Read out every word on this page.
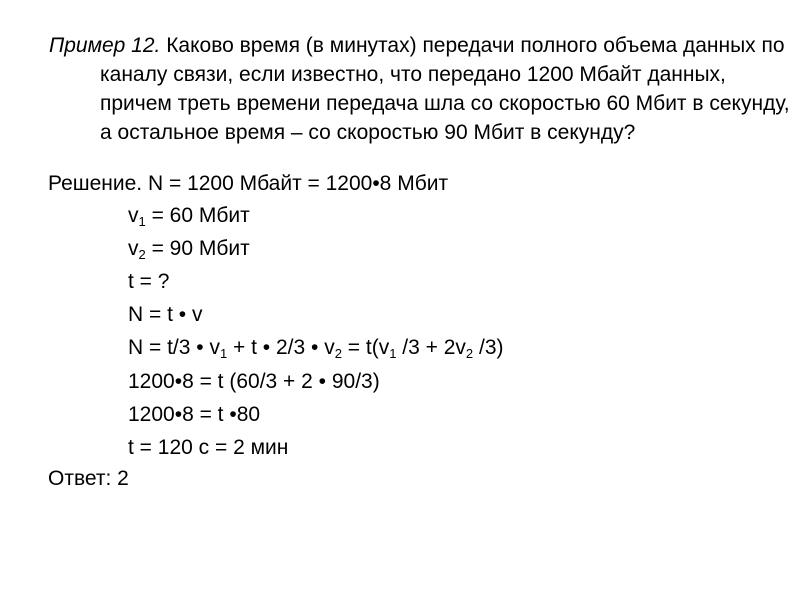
Пример 12. Каково время (в минутах) передачи полного объема данных по каналу связи, если известно, что передано 1200 Мбайт данных, причем треть времени передача шла со скоростью 60 Мбит в секунду, а остальное время – со скоростью 90 Мбит в секунду?

Решение. N = 1200 Мбайт = 1200•8 Мбит

$v_1 = 60$ Мбит

$v_2 = 90$ Мбит

t = ?

N = t • v

N = t/3 • $v_1 + t$ • 2/3 • $v_2 = t(v_1$ $/3 + 2v_2$ /3)

1200•8 = t (60/3 + 2 • 90/3)

1200•8 = t •80

t = 120 с = 2 мин

Ответ: 2
